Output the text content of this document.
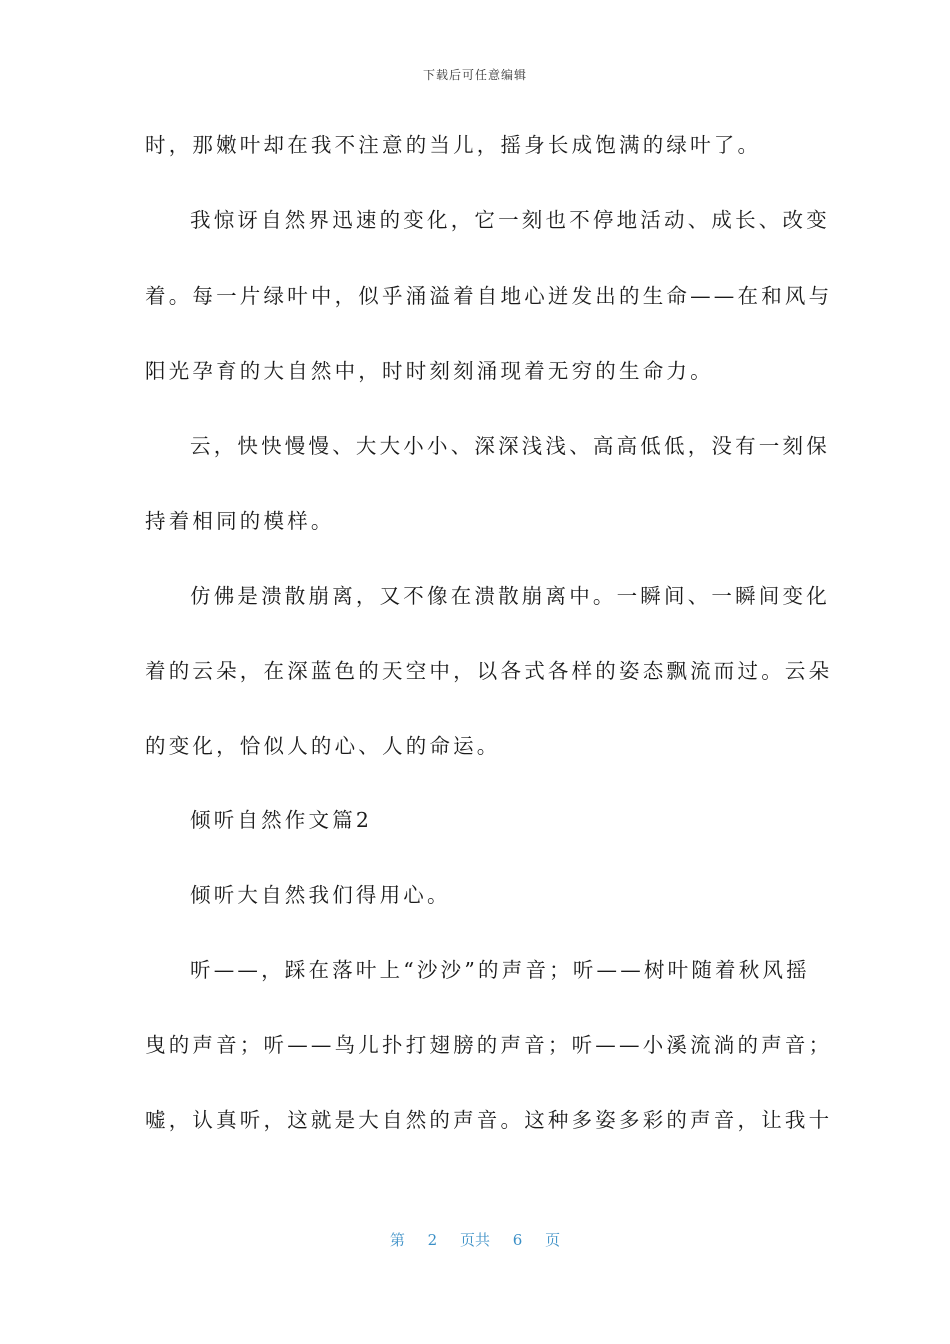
下载后可任意编辑
时，那嫩叶却在我不注意的当儿，摇身长成饱满的绿叶了。
我惊讶自然界迅速的变化，它一刻也不停地活动、成长、改变
着。每一片绿叶中，似乎涌溢着自地心迸发出的生命——在和风与
阳光孕育的大自然中，时时刻刻涌现着无穷的生命力。
云，快快慢慢、大大小小、深深浅浅、高高低低，没有一刻保
持着相同的模样。
仿佛是溃散崩离，又不像在溃散崩离中。一瞬间、一瞬间变化
着的云朵，在深蓝色的天空中，以各式各样的姿态飘流而过。云朵
的变化，恰似人的心、人的命运。
倾听自然作文篇2
倾听大自然我们得用心。
听——，踩在落叶上“沙沙”的声音；听——树叶随着秋风摇
曳的声音；听——鸟儿扑打翅膀的声音；听——小溪流淌的声音；
嘘，认真听，这就是大自然的声音。这种多姿多彩的声音，让我十
第 2 页共 6 页
